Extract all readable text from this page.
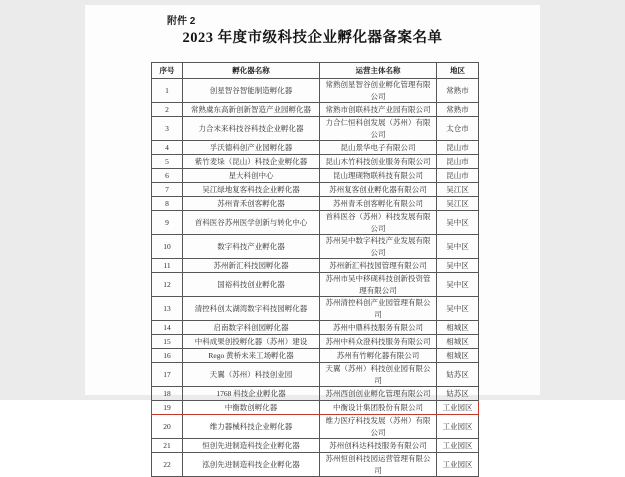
附件 2
2023 年度市级科技企业孵化器备案名单
序号	孵化器名称	运营主体名称	地区
1	创星智谷智能制造孵化器	常熟创星智谷创业孵化管理有限公司	常熟市
2	常熟虞东高新创新智造产业园孵化器	常熟市创联科技产业园有限公司	常熟市
3	力合未来科技谷科技企业孵化器	力合仁恒科创发展（苏州）有限公司	太仓市
4	孚沃德科创产业园孵化器	昆山景华电子有限公司	昆山市
5	紫竹麦垛（昆山）科技企业孵化器	昆山木竹科技创业服务有限公司	昆山市
6	星大科创中心	昆山理砚物联科技有限公司	昆山市
7	吴江绿地复客科技企业孵化器	苏州复客创业孵化器有限公司	吴江区
8	苏州青禾创客孵化器	苏州青禾创客孵化有限公司	吴江区
9	首科医谷苏州医学创新与转化中心	首科医谷（苏州）科技发展有限公司	吴中区
10	数字科技产业孵化器	苏州吴中数字科技产业发展有限公司	吴中区
11	苏州新汇科技园孵化器	苏州新汇科技园管理有限公司	吴中区
12	国裕科技创业孵化器	苏州市吴中移砚科技创新投资管理有限公司	吴中区
13	清控科创太湖湾数字科技园孵化器	苏州清控科创产业园管理有限公司	吴中区
14	启南数字科创园孵化器	苏州中鼎科技服务有限公司	相城区
15	中科成果创投孵化器（苏州）建设	苏州中科众澄科技服务有限公司	相城区
16	Rego 黄桥未来工场孵化器	苏州有竹孵化器有限公司	相城区
17	天翼（苏州）科技创业园	天翼（苏州）科技创业园有限公司	姑苏区
18	1768 科技企业孵化器	苏州西创创业孵化管理有限公司	姑苏区
19	中衡数创孵化器	中衡设计集团股份有限公司	工业园区
20	维力器械科技企业孵化器	维力医疗科技发展（苏州）有限公司	工业园区
21	恒创先进制造科技企业孵化器	苏州创科达科技服务有限公司	工业园区
22	泓创先进制造科技企业孵化器	苏州恒创科技园运营管理有限公司	工业园区
